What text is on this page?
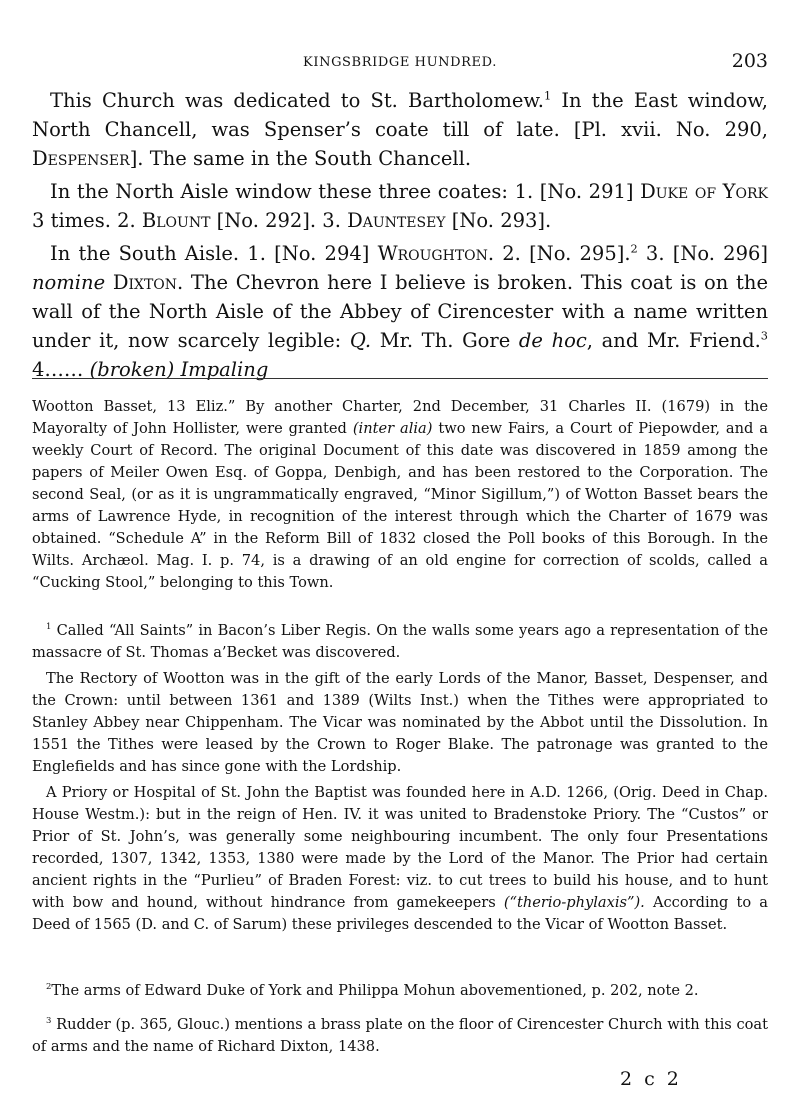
KINGSBRIDGE HUNDRED.	203

This Church was dedicated to St. Bartholomew.$^1$ In the East window, North Chancell, was Spenser’s coate till of late. [Pl. xvii. No. 290, Despenser]. The same in the South Chancell.

In the North Aisle window these three coates: 1. [No. 291] Duke of York 3 times. 2. Blount [No. 292]. 3. Dauntesey [No. 293].

In the South Aisle. 1. [No. 294] Wroughton. 2. [No. 295].$^2$ 3. [No. 296] nomine Dixton. The Chevron here I believe is broken. This coat is on the wall of the North Aisle of the Abbey of Cirencester with a name written under it, now scarcely legible: Q. Mr. Th. Gore de hoc, and Mr. Friend.$^3$ 4…… (broken) Impaling

Wootton Basset, 13 Eliz.” By another Charter, 2nd December, 31 Charles II. (1679) in the Mayoralty of John Hollister, were granted (inter alia) two new Fairs, a Court of Piepowder, and a weekly Court of Record. The original Document of this date was discovered in 1859 among the papers of Meiler Owen Esq. of Goppa, Denbigh, and has been restored to the Corporation. The second Seal, (or as it is ungrammatically engraved, “Minor Sigillum,”) of Wotton Basset bears the arms of Lawrence Hyde, in recognition of the interest through which the Charter of 1679 was obtained. “Schedule A” in the Reform Bill of 1832 closed the Poll books of this Borough. In the Wilts. Archæol. Mag. I. p. 74, is a drawing of an old engine for correction of scolds, called a “Cucking Stool,” belonging to this Town.

$^1$ Called “All Saints” in Bacon’s Liber Regis. On the walls some years ago a representation of the massacre of St. Thomas a’Becket was discovered.

The Rectory of Wootton was in the gift of the early Lords of the Manor, Basset, Despenser, and the Crown: until between 1361 and 1389 (Wilts Inst.) when the Tithes were appropriated to Stanley Abbey near Chippenham. The Vicar was nominated by the Abbot until the Dissolution. In 1551 the Tithes were leased by the Crown to Roger Blake. The patronage was granted to the Englefields and has since gone with the Lordship.

A Priory or Hospital of St. John the Baptist was founded here in A.D. 1266, (Orig. Deed in Chap. House Westm.): but in the reign of Hen. IV. it was united to Bradenstoke Priory. The “Custos” or Prior of St. John’s, was generally some neighbouring incumbent. The only four Presentations recorded, 1307, 1342, 1353, 1380 were made by the Lord of the Manor. The Prior had certain ancient rights in the “Purlieu” of Braden Forest: viz. to cut trees to build his house, and to hunt with bow and hound, without hindrance from gamekeepers (“therio-phylaxis”). According to a Deed of 1565 (D. and C. of Sarum) these privileges descended to the Vicar of Wootton Basset.

$^2$The arms of Edward Duke of York and Philippa Mohun abovementioned, p. 202, note 2.

$^3$ Rudder (p. 365, Glouc.) mentions a brass plate on the floor of Cirencester Church with this coat of arms and the name of Richard Dixton, 1438.

2 c 2
